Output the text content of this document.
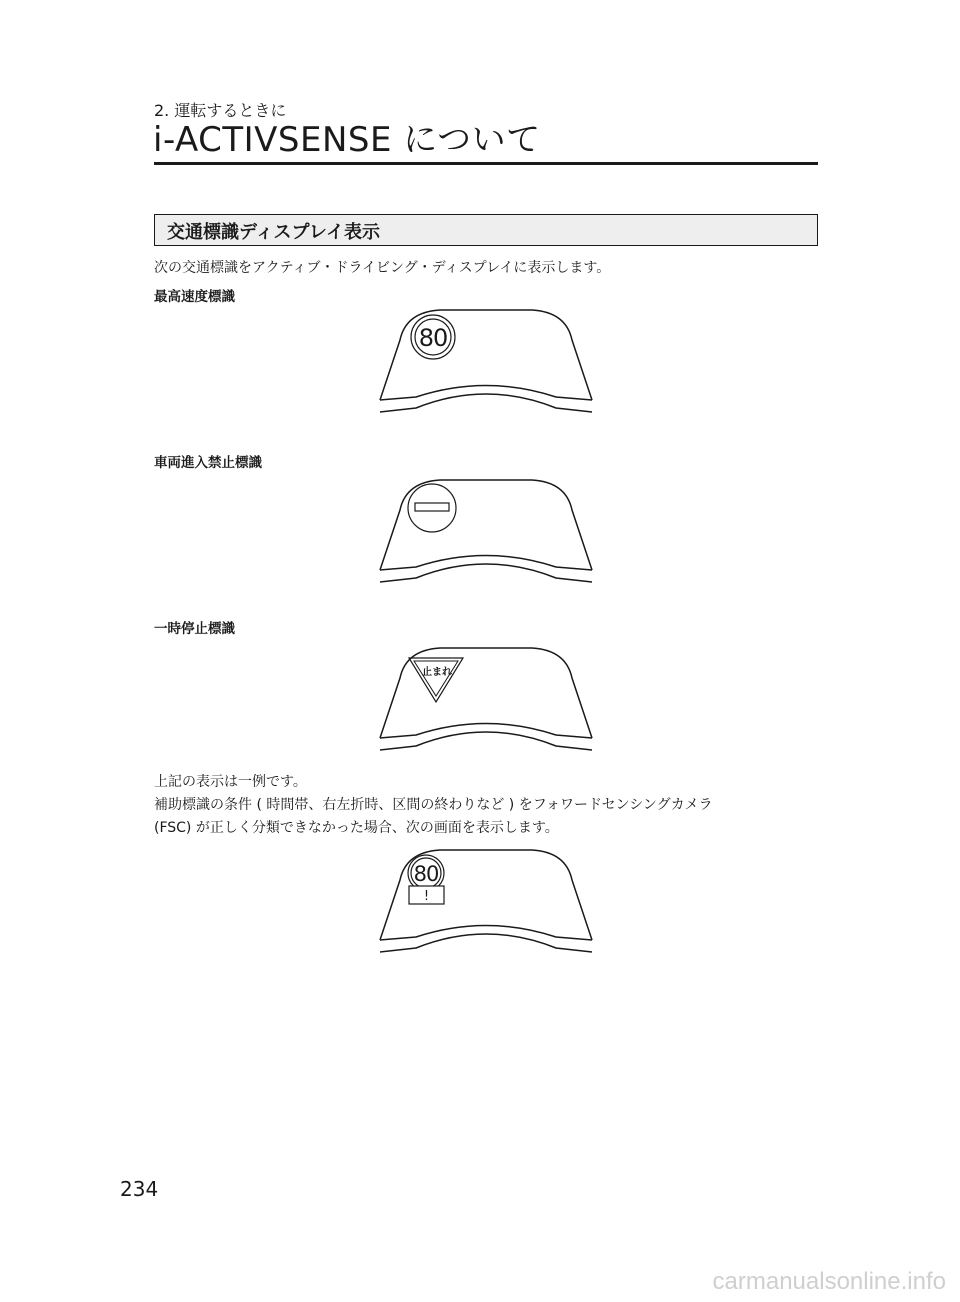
2. 運転するときに
i-ACTIVSENSE について
交通標識ディスプレイ表示
次の交通標識をアクティブ・ドライビング・ディスプレイに表示します。
最高速度標識
80
車両進入禁止標識
一時停止標識
止まれ
上記の表示は一例です。
補助標識の条件 ( 時間帯、右左折時、区間の終わりなど ) をフォワードセンシングカメラ
(FSC) が正しく分類できなかった場合、次の画面を表示します。
80
!
234
carmanualsonline.info
